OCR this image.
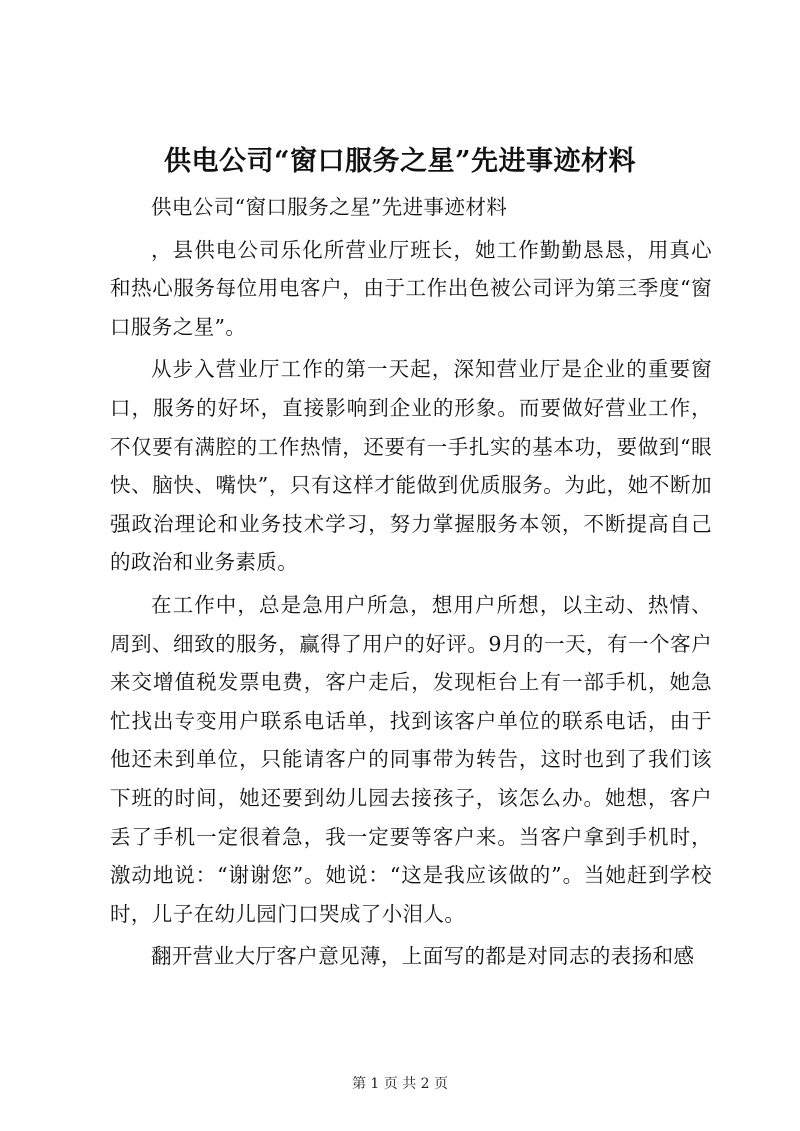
供电公司“窗口服务之星”先进事迹材料

供电公司“窗口服务之星”先进事迹材料

，县供电公司乐化所营业厅班长，她工作勤勤恳恳，用真心和热心服务每位用电客户，由于工作出色被公司评为第三季度“窗口服务之星”。

从步入营业厅工作的第一天起，深知营业厅是企业的重要窗口，服务的好坏，直接影响到企业的形象。而要做好营业工作，不仅要有满腔的工作热情，还要有一手扎实的基本功，要做到“眼快、脑快、嘴快”，只有这样才能做到优质服务。为此，她不断加强政治理论和业务技术学习，努力掌握服务本领，不断提高自己的政治和业务素质。

在工作中，总是急用户所急，想用户所想，以主动、热情、周到、细致的服务，赢得了用户的好评。9月的一天，有一个客户来交增值税发票电费，客户走后，发现柜台上有一部手机，她急忙找出专变用户联系电话单，找到该客户单位的联系电话，由于他还未到单位，只能请客户的同事带为转告，这时也到了我们该下班的时间，她还要到幼儿园去接孩子，该怎么办。她想，客户丢了手机一定很着急，我一定要等客户来。当客户拿到手机时，激动地说：“谢谢您”。她说：“这是我应该做的”。当她赶到学校时，儿子在幼儿园门口哭成了小泪人。

翻开营业大厅客户意见薄，上面写的都是对同志的表扬和感

第 1 页 共 2 页
